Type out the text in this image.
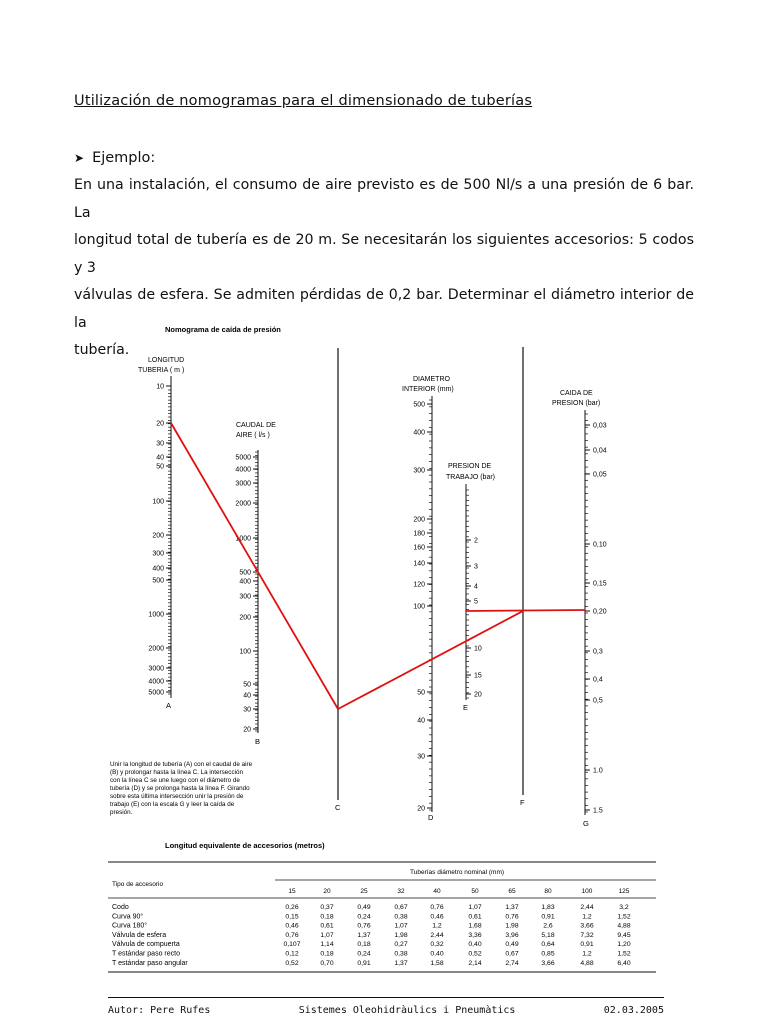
Utilización de nomogramas para el dimensionado de tuberías
➤ Ejemplo:
En una instalación, el consumo de aire previsto es de 500 Nl/s a una presión de 6 bar. La
longitud total de tubería es de 20 m. Se necesitarán los siguientes accesorios: 5 codos y 3
válvulas de esfera. Se admiten pérdidas de 0,2 bar. Determinar el diámetro interior de la
tubería.
Nomograma de caída de presión
LONGITUD
TUBERIA ( m )
10
20
30
40
50
100
200
300
400
500
1000
2000
3000
4000
5000
A
CAUDAL DE
AIRE ( l/s )
5000
4000
3000
2000
1000
500
400
300
200
100
50
40
30
20
B
C
DIAMETRO
INTERIOR (mm)
500
400
300
200
180
160
140
120
100
50
40
30
20
D
PRESION DE
TRABAJO (bar)
2
3
4
5
10
15
20
E
F
CAIDA DE
PRESION (bar)
0,03
0,04
0,05
0,10
0,15
0,20
0,3
0,4
0,5
1.0
1.5
G
Unir la longitud de tubería (A) con el caudal de aire
(B) y prolongar hasta la línea C. La intersección
con la línea C se une luego con el diámetro de
tubería (D) y se prolonga hasta la línea F. Girando
sobre esta última intersección unir la presión de
trabajo (E) con la escala G y leer la caída de
presión.
Longitud equivalente de accesorios (metros)
Tuberías diámetro nominal (mm)
Tipo de accesorio
15	20	25	32	40	50	65	80	100	125
Codo	0,26	0,37	0,49	0,67	0,76	1,07	1,37	1,83	2,44	3,2
Curva 90°	0,15	0,18	0,24	0,38	0,46	0,61	0,76	0,91	1,2	1,52
Curva 180°	0,46	0,61	0,76	1,07	1,2	1,68	1,98	2,6	3,66	4,88
Válvula de esfera	0,76	1,07	1,37	1,98	2,44	3,36	3,96	5,18	7,32	9,45
Válvula de compuerta	0,107	1,14	0,18	0,27	0,32	0,40	0,49	0,64	0,91	1,20
T estándar paso recto	0,12	0,18	0,24	0,38	0,40	0,52	0,67	0,85	1,2	1,52
T estándar paso angular	0,52	0,70	0,91	1,37	1,58	2,14	2,74	3,66	4,88	6,40
Autor: Pere Rufes	Sistemes Oleohidràulics i Pneumàtics	02.03.2005
